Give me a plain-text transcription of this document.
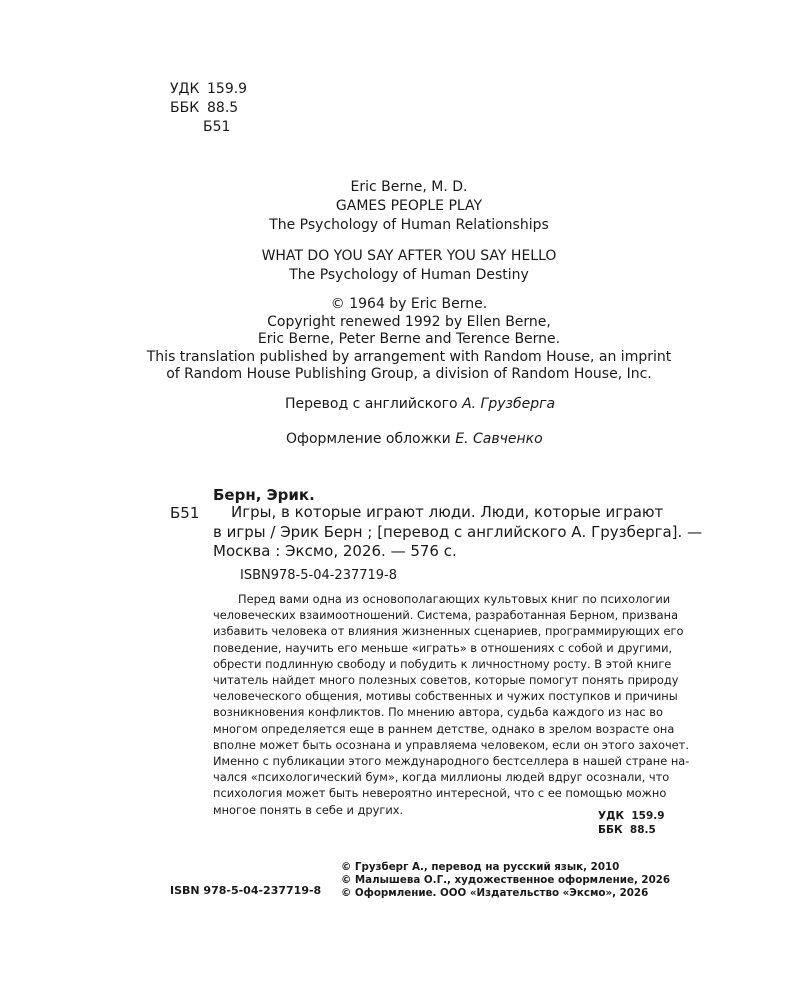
УДК 159.9
ББК 88.5
Б51
Eric Berne, M. D.
GAMES PEOPLE PLAY
The Psychology of Human Relationships
WHAT DO YOU SAY AFTER YOU SAY HELLO
The Psychology of Human Destiny
© 1964 by Eric Berne.
Copyright renewed 1992 by Ellen Berne,
Eric Berne, Peter Berne and Terence Berne.
This translation published by arrangement with Random House, an imprint
of Random House Publishing Group, a division of Random House, Inc.
Перевод с английского А. Грузберга
Оформление обложки Е. Савченко
Берн, Эрик.
Б51	Игры, в которые играют люди. Люди, которые играют
в игры / Эрик Берн ; [перевод с английского А. Грузберга]. —
Москва : Эксмо, 2026. — 576 с.
ISBN978-5-04-237719-8
Перед вами одна из основополагающих культовых книг по психологии
человеческих взаимоотношений. Система, разработанная Берном, призвана
избавить человека от влияния жизненных сценариев, программирующих его
поведение, научить его меньше «играть» в отношениях с собой и другими,
обрести подлинную свободу и побудить к личностному росту. В этой книге
читатель найдет много полезных советов, которые помогут понять природу
человеческого общения, мотивы собственных и чужих поступков и причины
возникновения конфликтов. По мнению автора, судьба каждого из нас во
многом определяется еще в раннем детстве, однако в зрелом возрасте она
вполне может быть осознана и управляема человеком, если он этого захочет.
Именно с публикации этого международного бестселлера в нашей стране на-
чался «психологический бум», когда миллионы людей вдруг осознали, что
психология может быть невероятно интересной, что с ее помощью можно
многое понять в себе и других.	УДК  159.9
ББК  88.5
© Грузберг А., перевод на русский язык, 2010
© Малышева О.Г., художественное оформление, 2026
© Оформление. ООО «Издательство «Эксмо», 2026
ISBN 978-5-04-237719-8
